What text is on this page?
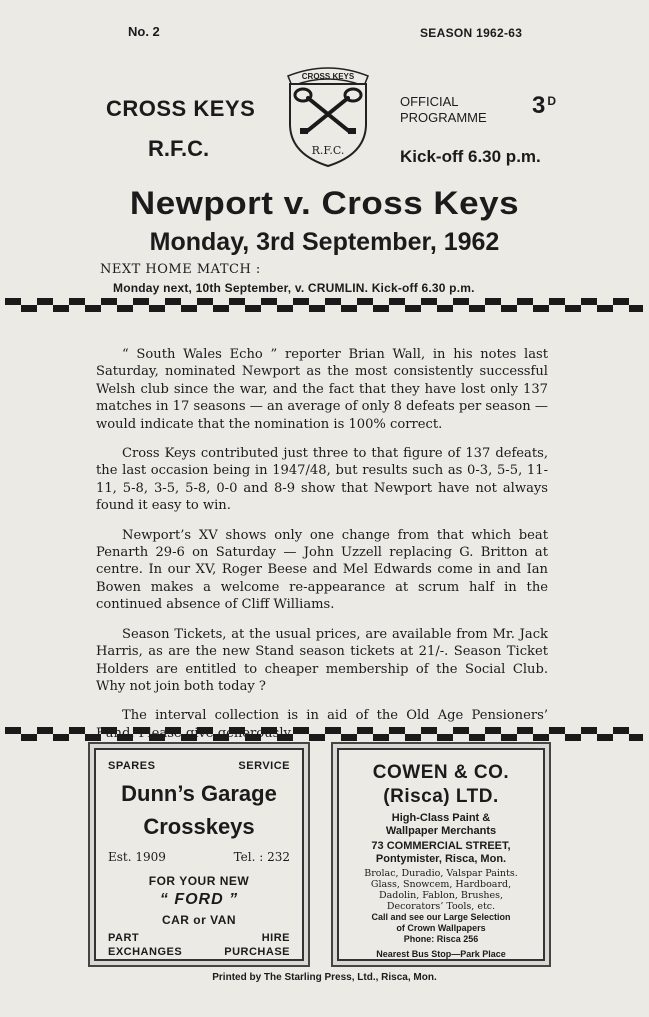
No. 2	SEASON 1962-63
CROSS KEYS
R.F.C.
CROSS KEYS
R.F.C.
OFFICIAL
PROGRAMME 3 $^D$
Kick-off 6.30 p.m.
Newport v. Cross Keys
Monday, 3rd September, 1962
NEXT HOME MATCH :
Monday next, 10th September, v. CRUMLIN. Kick-off 6.30 p.m.

“ South Wales Echo ” reporter Brian Wall, in his notes last Saturday, nominated Newport as the most consistently successful Welsh club since the war, and the fact that they have lost only 137 matches in 17 seasons — an average of only 8 defeats per season — would indicate that the nomination is 100% correct.

Cross Keys contributed just three to that figure of 137 defeats, the last occasion being in 1947/48, but results such as 0-3, 5-5, 11-11, 5-8, 3-5, 5-8, 0-0 and 8-9 show that Newport have not always found it easy to win.

Newport’s XV shows only one change from that which beat Penarth 29-6 on Saturday — John Uzzell replacing G. Britton at centre. In our XV, Roger Beese and Mel Edwards come in and Ian Bowen makes a welcome re-appearance at scrum half in the continued absence of Cliff Williams.

Season Tickets, at the usual prices, are available from Mr. Jack Harris, as are the new Stand season tickets at 21/-. Season Ticket Holders are entitled to cheaper membership of the Social Club. Why not join both today ?

The interval collection is in aid of the Old Age Pensioners’

SPARES	SERVICE
Dunn’s Garage
Crosskeys
Est. 1909	Tel. : 232
FOR YOUR NEW
“ FORD ”
CAR or VAN
PART	HIRE
EXCHANGES	PURCHASE
COWEN & CO.
(Risca) LTD.
High-Class Paint &
Wallpaper Merchants
73 COMMERCIAL STREET,
Pontymister, Risca, Mon.
Brolac, Duradio, Valspar Paints.
Glass, Snowcem, Hardboard,
Dadolin, Fablon, Brushes,
Decorators’ Tools, etc.
Call and see our Large Selection
of Crown Wallpapers
Phone: Risca 256
Nearest Bus Stop—Park Place
Printed by The Starling Press, Ltd., Risca, Mon.
